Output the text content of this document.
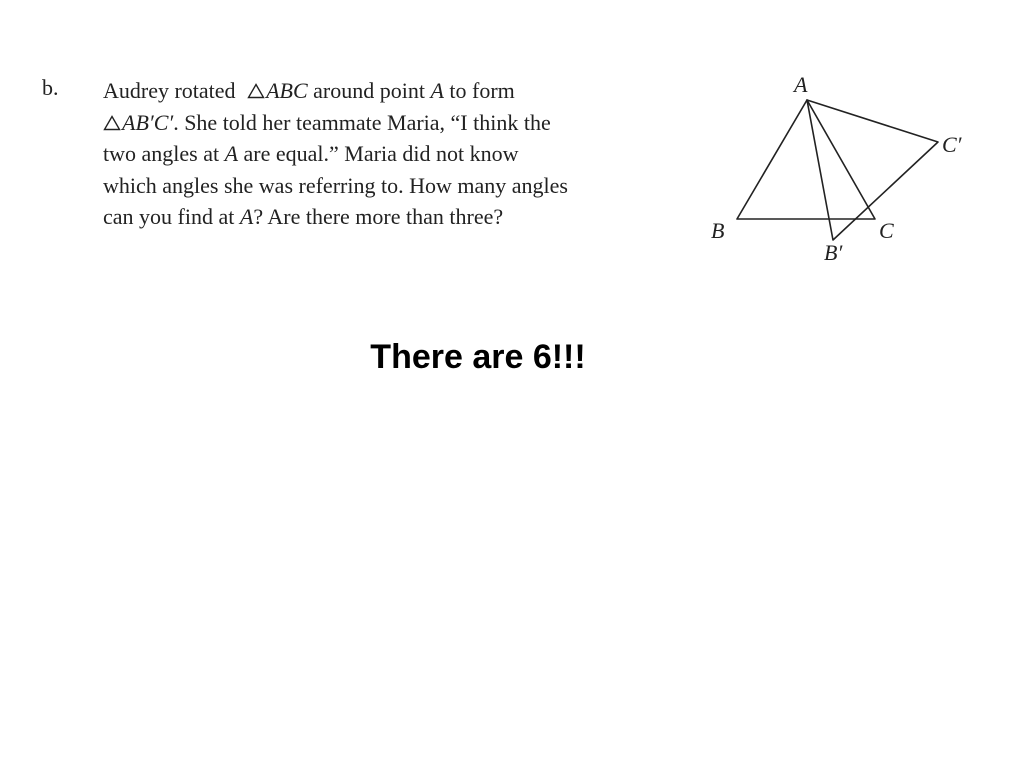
b. Audrey rotated ABC around point A to form
AB′C′. She told her teammate Maria, “I think the
two angles at A are equal.” Maria did not know
which angles she was referring to. How many angles
can you find at A? Are there more than three?
A
B	C
B′
C′
There are 6!!!
